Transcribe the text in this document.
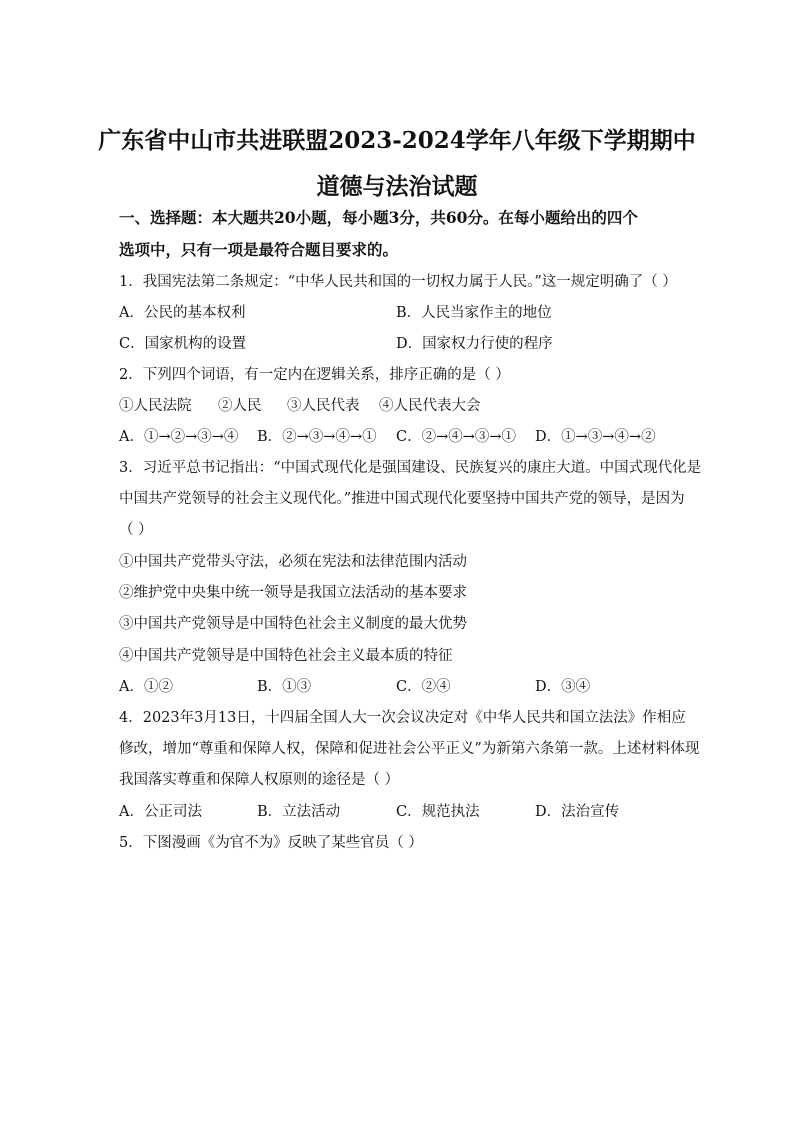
广东省中山市共进联盟2023-2024学年八年级下学期期中
道德与法治试题
一、选择题：本大题共20小题，每小题3分，共60分。在每小题给出的四个
选项中，只有一项是最符合题目要求的。
1．我国宪法第二条规定：“中华人民共和国的一切权力属于人民。”这一规定明确了（ ）
A．公民的基本权利	B．人民当家作主的地位
C．国家机构的设置	D．国家权力行使的程序
2．下列四个词语，有一定内在逻辑关系，排序正确的是（ ）
①人民法院 ②人民 ③人民代表 ④人民代表大会
A．①→②→③→④ B．②→③→④→① C．②→④→③→① D．①→③→④→②
3．习近平总书记指出：“中国式现代化是强国建设、民族复兴的康庄大道。中国式现代化是
中国共产党领导的社会主义现代化。”推进中国式现代化要坚持中国共产党的领导，是因为
（ ）
①中国共产党带头守法，必须在宪法和法律范围内活动
②维护党中央集中统一领导是我国立法活动的基本要求
③中国共产党领导是中国特色社会主义制度的最大优势
④中国共产党领导是中国特色社会主义最本质的特征
A．①②	B．①③	C．②④	D．③④
4．2023年3月13日，十四届全国人大一次会议决定对《中华人民共和国立法法》作相应
修改，增加“尊重和保障人权，保障和促进社会公平正义”为新第六条第一款。上述材料体现
我国落实尊重和保障人权原则的途径是（ ）
A．公正司法	B．立法活动	C．规范执法	D．法治宣传
5．下图漫画《为官不为》反映了某些官员（ ）
